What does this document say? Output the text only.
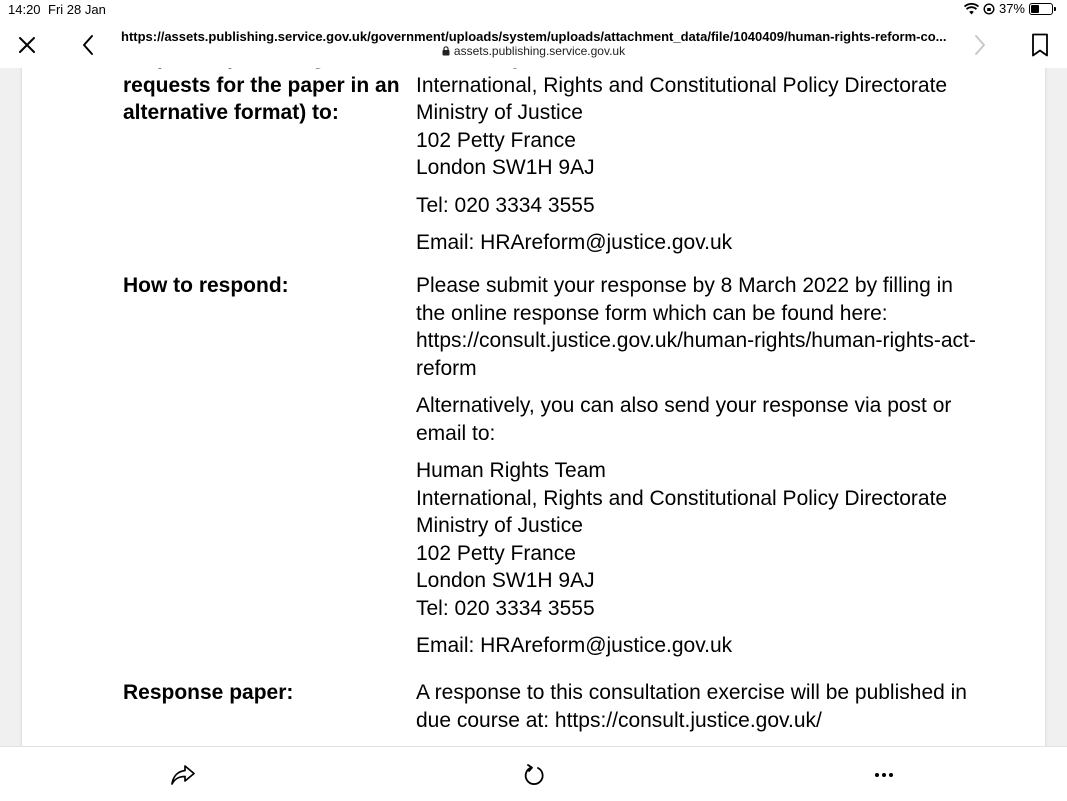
14:20 Fri 28 Jan	37%
https://assets.publishing.service.gov.uk/government/uploads/system/uploads/attachment_data/file/1040409/human-rights-reform-co...
assets.publishing.service.gov.uk
requests for the paper in an
alternative format) to:

International, Rights and Constitutional Policy Directorate
Ministry of Justice
102 Petty France
London SW1H 9AJ

Tel: 020 3334 3555

Email: HRAreform@justice.gov.uk

How to respond:	Please submit your response by 8 March 2022 by filling in the online response form which can be found here: https://consult.justice.gov.uk/human-rights/human-rights-act-reform

Alternatively, you can also send your response via post or email to:

Human Rights Team
International, Rights and Constitutional Policy Directorate
Ministry of Justice
102 Petty France
London SW1H 9AJ
Tel: 020 3334 3555

Email: HRAreform@justice.gov.uk

Response paper:	A response to this consultation exercise will be published in due course at: https://consult.justice.gov.uk/
